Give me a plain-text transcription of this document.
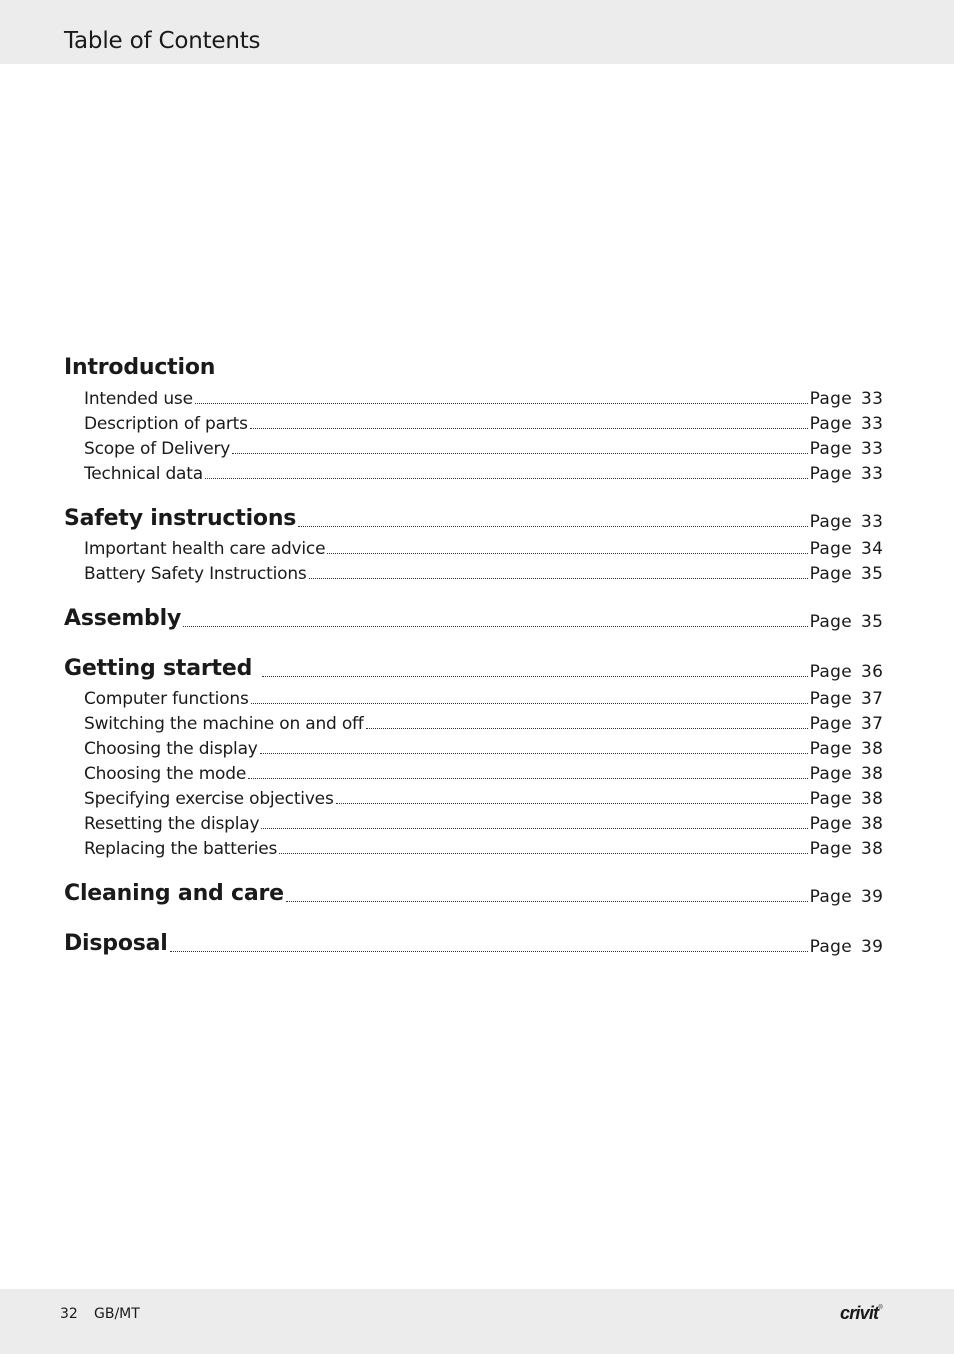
Table of Contents
Introduction
Intended use	Page 33
Description of parts	Page 33
Scope of Delivery	Page 33
Technical data	Page 33
Safety instructions	Page 33
Important health care advice	Page 34
Battery Safety Instructions	Page 35
Assembly	Page 35
Getting started	Page 36
Computer functions	Page 37
Switching the machine on and off	Page 37
Choosing the display	Page 38
Choosing the mode	Page 38
Specifying exercise objectives	Page 38
Resetting the display	Page 38
Replacing the batteries	Page 38
Cleaning and care	Page 39
Disposal	Page 39
32 GB/MT	crivit®
